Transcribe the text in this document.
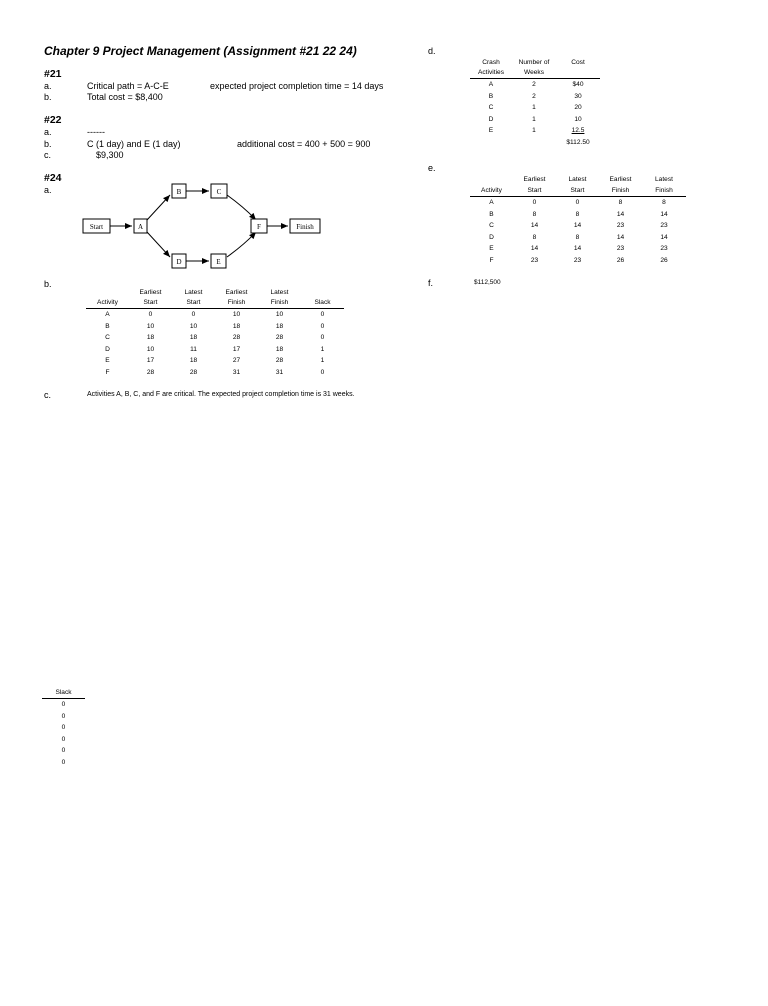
Chapter 9 Project Management (Assignment #21 22 24)
#21
a.	Critical path = A-C-E	expected project completion time = 14 days
b.	Total cost = $8,400
#22
a.	------
b.	C (1 day) and E (1 day)	additional cost = 400 + 500 = 900
c.	$9,300
#24
a.
Start	A
B	C
D	E
F	Finish
b.
	Earliest	Latest	Earliest	Latest	
Activity	Start	Start	Finish	Finish	Slack
A	0	0	10	10	0
B	10	10	18	18	0
C	18	18	28	28	0
D	10	11	17	18	1
E	17	18	27	28	1
F	28	28	31	31	0
c.	Activities A, B, C, and F are critical. The expected project completion time is 31 weeks.
d.
Crash	Number of	Cost
Activities	Weeks	
A	2	$40
B	2	30
C	1	20
D	1	10
E	1	12.5
		$112.50
e.
	Earliest	Latest	Earliest	Latest
Activity	Start	Start	Finish	Finish
A	0	0	8	8
B	8	8	14	14
C	14	14	23	23
D	8	8	14	14
E	14	14	23	23
F	23	23	26	26
f.	$112,500
Slack
0
0
0
0
0
0
